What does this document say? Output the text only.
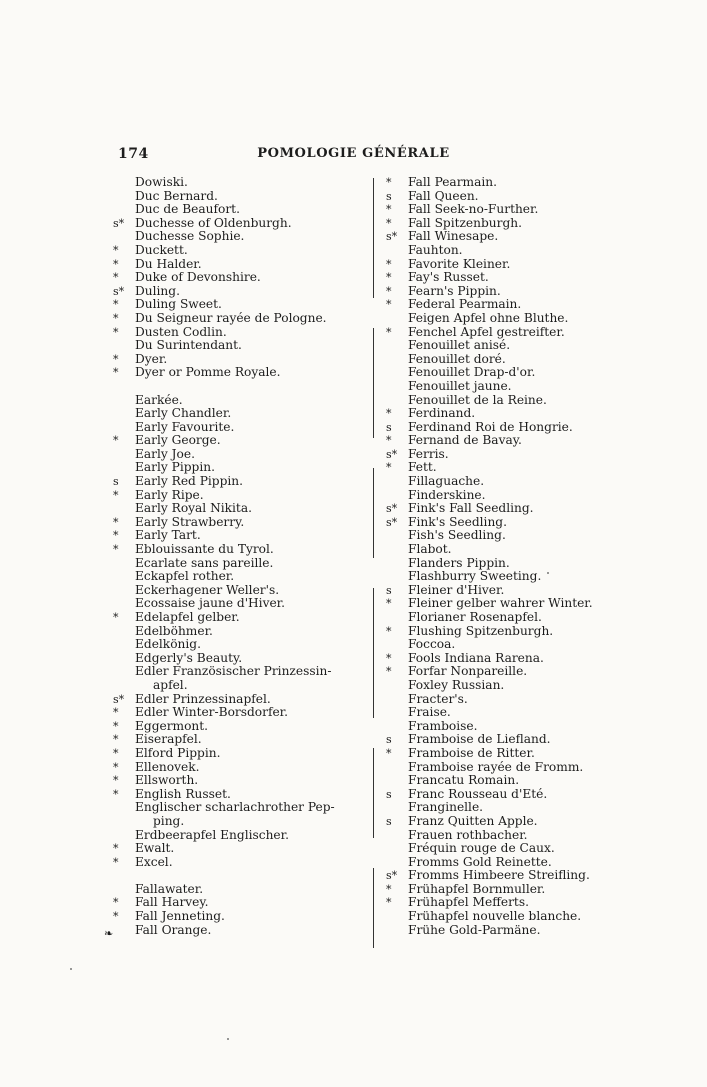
174	POMOLOGIE GÉNÉRALE
Dowiski.
Duc Bernard.
Duc de Beaufort.
s* Duchesse of Oldenburgh.
Duchesse Sophie.
*	Duckett.
*	Du Halder.
*	Duke of Devonshire.
s* Duling.
*	Duling Sweet.
*	Du Seigneur rayée de Pologne.
*	Dusten Codlin.
Du Surintendant.
*	Dyer.
*	Dyer or Pomme Royale.
Earkée.
Early Chandler.
Early Favourite.
*	Early George.
Early Joe.
Early Pippin.
s	Early Red Pippin.
*	Early Ripe.
Early Royal Nikita.
*	Early Strawberry.
*	Early Tart.
*	Eblouissante du Tyrol.
Ecarlate sans pareille.
Eckapfel rother.
Eckerhagener Weller's.
Ecossaise jaune d'Hiver.
*	Edelapfel gelber.
Edelböhmer.
Edelkönig.
Edgerly's Beauty.
Edler Französischer Prinzessin-
apfel.
s* Edler Prinzessinapfel.
*	Edler Winter-Borsdorfer.
*	Eggermont.
*	Eiserapfel.
*	Elford Pippin.
*	Ellenovek.
*	Ellsworth.
*	English Russet.
Englischer scharlachrother Pep-
ping.
Erdbeerapfel Englischer.
*	Ewalt.
*	Excel.
Fallawater.
*	Fall Harvey.
*	Fall Jenneting.
Fall Orange.
*	Fall Pearmain.
s	Fall Queen.
*	Fall Seek-no-Further.
*	Fall Spitzenburgh.
s* Fall Winesape.
Fauhton.
*	Favorite Kleiner.
*	Fay's Russet.
*	Fearn's Pippin.
*	Federal Pearmain.
Feigen Apfel ohne Bluthe.
*	Fenchel Apfel gestreifter.
Fenouillet anisé.
Fenouillet doré.
Fenouillet Drap-d'or.
Fenouillet jaune.
Fenouillet de la Reine.
*	Ferdinand.
s	Ferdinand Roi de Hongrie.
*	Fernand de Bavay.
s* Ferris.
*	Fett.
Fillaguache.
Finderskine.
s* Fink's Fall Seedling.
s* Fink's Seedling.
Fish's Seedling.
Flabot.
Flanders Pippin.
Flashburry Sweeting.
s	Fleiner d'Hiver.
*	Fleiner gelber wahrer Winter.
Florianer Rosenapfel.
*	Flushing Spitzenburgh.
Foccoa.
*	Fools Indiana Rarena.
*	Forfar Nonpareille.
Foxley Russian.
Fracter's.
Fraise.
Framboise.
s	Framboise de Liefland.
*	Framboise de Ritter.
Framboise rayée de Fromm.
Francatu Romain.
s	Franc Rousseau d'Eté.
Franginelle.
s	Franz Quitten Apple.
Frauen rothbacher.
Fréquin rouge de Caux.
Fromms Gold Reinette.
s* Fromms Himbeere Streifling.
*	Frühapfel Bornmuller.
*	Frühapfel Mefferts.
Frühapfel nouvelle blanche.
Frühe Gold-Parmäne.
❧
